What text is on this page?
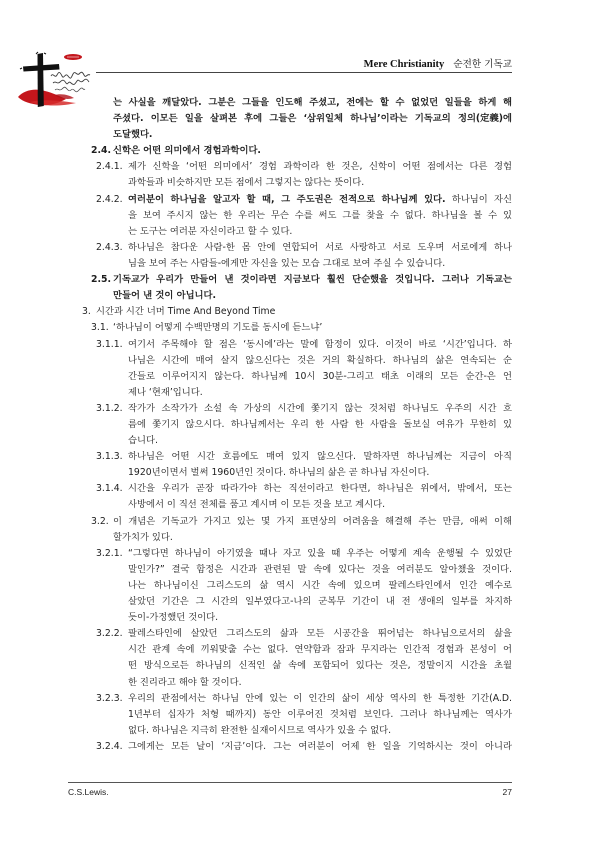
Mere Christianity 순전한 기독교
는 사실을 깨달았다. 그분은 그들을 인도해 주셨고, 전에는 할 수 없었던 일들을 하게 해
주셨다. 이모든 일을 살펴본 후에 그들은 ‘삼위일체 하나님’이라는 기독교의 정의(定義)에
도달했다.
2.4. 신학은 어떤 의미에서 경험과학이다.
2.4.1. 제가 신학을 ‘어떤 의미에서’ 경험 과학이라 한 것은, 신학이 어떤 점에서는 다른 경험
과학들과 비슷하지만 모든 점에서 그렇지는 않다는 뜻이다.
2.4.2. 여러분이 하나님을 알고자 할 때, 그 주도권은 전적으로 하나님께 있다. 하나님이 자신
을 보여 주시지 않는 한 우리는 무슨 수를 써도 그를 찾을 수 없다. 하나님을 볼 수 있
는 도구는 여러분 자신이라고 할 수 있다.
2.4.3. 하나님은 참다운 사람-한 몸 안에 연합되어 서로 사랑하고 서로 도우며 서로에게 하나
님을 보여 주는 사람들-에게만 자신을 있는 모습 그대로 보여 주실 수 있습니다.
2.5. 기독교가 우리가 만들어 낸 것이라면 지금보다 훨씬 단순했을 것입니다. 그러나 기독교는
만들어 낸 것이 아닙니다.
3. 시간과 시간 너머 Time And Beyond Time
3.1. ‘하나님이 어떻게 수백만명의 기도를 동시에 듣느냐’
3.1.1. 여기서 주목해야 할 점은 ‘동시에’라는 말에 함정이 있다. 이것이 바로 ‘시간’입니다. 하
나님은 시간에 매여 살지 않으신다는 것은 거의 확실하다. 하나님의 삶은 연속되는 순
간들로 이루어지지 않는다. 하나님께 10시 30분-그리고 태초 이래의 모든 순간-은 언
제나 ‘현재’입니다.
3.1.2. 작가가 소작가가 소설 속 가상의 시간에 쫓기지 않는 것처럼 하나님도 우주의 시간 흐
름에 쫓기지 않으시다. 하나님께서는 우리 한 사람 한 사람을 돌보실 여유가 무한히 있
습니다.
3.1.3. 하나님은 어떤 시간 흐름에도 매여 있지 않으신다. 말하자면 하나님께는 지금이 아직
1920년이면서 벌써 1960년인 것이다. 하나님의 삶은 곧 하나님 자신이다.
3.1.4. 시간을 우리가 곧장 따라가야 하는 직선이라고 한다면, 하나님은 위에서, 밖에서, 또는
사방에서 이 직선 전체를 품고 계시며 이 모든 것을 보고 계시다.
3.2. 이 개념은 기독교가 가지고 있는 몇 가지 표면상의 어려움을 해결해 주는 만큼, 애써 이해
할가치가 있다.
3.2.1. “그렇다면 하나님이 아기였을 때나 자고 있을 때 우주는 어떻게 계속 운행될 수 있었단
말인가?” 결국 함정은 시간과 관련된 말 속에 있다는 것을 여러분도 알아챘을 것이다.
나는 하나님이신 그리스도의 삶 역시 시간 속에 있으며 팔레스타인에서 인간 예수로
살았던 기간은 그 시간의 일부였다고-나의 군복무 기간이 내 전 생애의 일부를 차지하
듯이-가정했던 것이다.
3.2.2. 팔레스타인에 살았던 그리스도의 삶과 모든 시공간을 뛰어넘는 하나님으로서의 삶을
시간 관계 속에 끼워맞출 수는 없다. 연약함과 잠과 무지라는 인간적 경험과 본성이 어
떤 방식으로든 하나님의 신적인 삶 속에 포함되어 있다는 것은, 정말이지 시간을 초월
한 진리라고 해야 할 것이다.
3.2.3. 우리의 관점에서는 하나님 안에 있는 이 인간의 삶이 세상 역사의 한 특정한 기간(A.D.
1년부터 십자가 처형 때까지) 동안 이루어진 것처럼 보인다. 그러나 하나님께는 역사가
없다. 하나님은 지극히 완전한 실재이시므로 역사가 있을 수 없다.
3.2.4. 그에게는 모든 날이 ‘지금’이다. 그는 여러분이 어제 한 일을 기억하시는 것이 아니라
C.S.Lewis.	27
